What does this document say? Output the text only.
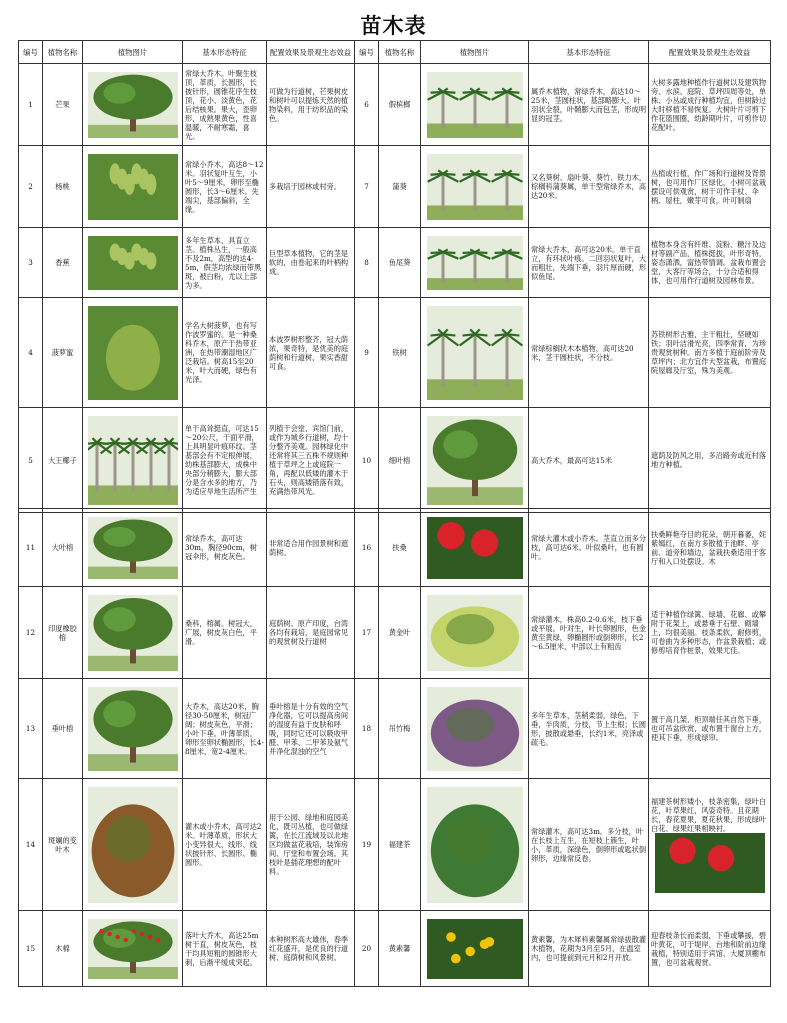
苗木表
编号	植物名称	植物图片	基本形态特征	配置效果及景观生态效益	编号	植物名称	植物图片	基本形态特征	配置效果及景观生态效益
1	芒果		常绿大乔木。叶聚生枝顶，革质，长圆形，长披针形，圆锥花序生枝顶，花小、淡黄色，花后结核果。果大，歪卵形，成熟果黄色，性喜温暖，不耐寒霜，喜光。	可做为行道树，芒果树皮和树叶可以提炼天然的植物染料，用于纺织品的染色。	6	假槟榔		属乔木植物，常绿乔木，高达10～25米，茎圆柱状，基部略膨大。叶羽状全裂，叶鞘膨大而包茎，形成明显的冠茎。	大树多露地种植作行道树以及建筑物旁、水滨、庭院、草坪四周等处，单株、小丛或成行种植均宜，但树龄过大时移植不易恢复。大树叶片可剪下作花篮围圈，幼龄期叶片，可剪作切花配叶。
2	杨桃		常绿小乔木，高达8～12米。羽状复叶互生，小叶5～9厘米，卵形至椭圆形，长3～6厘米。先端尖，基部偏斜，全缘。	多栽培于园林或村旁。	7	蒲葵		又名葵树、扇叶葵、葵竹、铁力木，棕榈科蒲葵属，单干型常绿乔木，高达20米。	丛植或行植，作广场和行道树及背景树，也可用作厂区绿化，小树可盆栽摆设可供观赏，树干可作手杖、伞柄、屋柱，嫩芽可食，叶可制扇
3	香蕉		多年生草本，具直立茎。植株丛生，一般高不及2m，高型的达4-5m，假茎均浓绿而带黑斑，被白粉，尤以上部为多。	巨型草本植物，它的茎是软的，由卷起来的叶柄构成。	8	鱼尾葵		常绿大乔木，高可达20米。单干直立，有环状叶痕。二回羽状复叶，大而粗壮，先端下垂，羽片厚而硬，形似鱼尾。	植物本身含有纤维、淀粉、糖汁及边材等副产品，植株挺拔，叶形奇特，姿态潇洒，富热带情调。盆栽布置会堂，大客厅等场合，十分合适和得体，也可用作行道树及园林布景。
4	菠萝蜜		学名大树菠萝，也有写作波罗蜜的。是一种桑科乔木，原产于热带亚洲，在热带潮湿地区广泛栽培。树高15至20米，叶大而硬，绿色有光泽。	本波罗树形整齐，冠大荫浓，果奇特，是优美的庭荫树和行道树，果实香甜可食。	9	铁树		常绿棕榈状木本植物，高可达20米，茎干圆柱状，不分枝。	苏铁树形古雅，主干粗壮，坚硬如铁；羽叶洁滑光亮，四季常青，为珍贵观赏树种。南方多植于庭前阶旁及草坪内；北方宜作大型盆栽，布置庭院屋廊及厅室，殊为美观。
5	大王椰子		单干高耸挺直，可达15～20公尺，干面平滑，上具明显叶痕环纹。茎基部会有不定根伸展，幼株基部膨大，成株中央部分稍膨大，膨大部分是含水多的地方，乃为适应旱地生活所产生	列植于会堂、宾馆门前，或作为城乡行道树，均十分整齐美观。园林绿化中还常将其三五株不规则种植于草坪之上或庭院一角，再配以低矮的灌木于石头，则高矮错落有致，充满热带风光。	10	细叶榕		高大乔木，最高可达15米	遮荫及防风之用，多沿路旁或近村落地方种植。
11	大叶榕		常绿乔木，高可达30m，胸径90cm，树冠伞形，树皮灰色。	非常适合用作园景树和遮荫树。	16	扶桑		常绿大灌木或小乔木。茎直立而多分枝，高可达6米。叶似桑叶，也有圆叶。	扶桑鲜艳夺目的花朵，朝开暮萎，姹紫嫣红，在南方多散植于池畔、亭前、道旁和墙边，盆栽扶桑适用于客厅和入口处摆设。木
12	印度橡胶榕		桑科，榕属。树冠大，广展，树皮灰白色，平滑。	庭荫树。原产印度，台湾各均有栽培，是庭园常见的观赏树及行道树	17	黄金叶		常绿灌木，株高0.2-0.6米，枝下垂或平展。叶对生，叶长卵圆形，色金黄至黄绿，卵椭圆形或倒卵形，长2～6.5厘米，中部以上有粗齿	适于种植作绿篱、绿墙、花廊、或攀附于花架上，或悬垂于石壁、砌墙上，均很美丽。枝条柔软，耐修剪，可卷曲为多种形态，作盆景栽植；或修剪培育作桩景，效果尤佳。
13	垂叶榕		大乔木，高达20米，胸径30-50厘米，树冠广阔；树皮灰色，平滑；小叶下垂。叶薄革质，卵形至卵状椭圆形，长4-8厘米，宽2-4厘米。	垂叶榕是十分有效的空气净化器，它可以提高房间的湿度有益于皮肤和呼吸，同时它还可以吸收甲醛、甲苯、二甲苯及氨气并净化混浊的空气	18	吊竹梅		多年生草本，茎稍柔弱，绿色，下垂，半肉质，分枝，节上生根；长圆形，披散或悬垂，长约1米，亮泽或疏毛。	置于高几架、柜顶端任其自然下垂，也可吊盆欣赏，或布置于窗台上方，使其下垂，形成绿帘。
14	斑斓的变叶木		灌木或小乔木，高可达2米。叶薄革质，形状大小变异很大，线形、线状披针形、长圆形、椭圆形。	用于公园、绿地和庭园美化，既可丛植，也可做绿篱，在长江流域及以北地区均做盆花栽培，装饰房间、厅堂和布置会场。其枝叶是插花理想的配叶料。	19	福建茶		常绿灌木，高可达3m。多分枝，叶在长枝上互生，在短枝上簇生，叶小，革质，深绿色，倒卵形或匙状倒卵形，边缘常反卷。	福建茶树形矮小，枝条密集，绿叶白花，叶草果红，风姿奇特。且花期长，春花夏果，夏花秋果，形成绿叶白花、绿果红果相映衬。

15	木棉		落叶大乔木，高达25m树干直，树皮灰色，枝干均具短粗的圆锥形大刺，后渐平缓成突起。	本种树形高大雄伟，春季红花盛开，是优良的行道树、庭荫树和风景树。	20	黄素馨		黄素馨，为木犀科素馨属常绿拔散灌木植物，花期为3月至5月，在温室内，也可提前到元月和2月开放。	迎春枝条长而柔弱，下垂或攀援，碧叶黄花，可于堤岸、台地和阶前边缘栽植，特别适用于宾馆、大厦顶棚布置，也可盆栽观赏。
